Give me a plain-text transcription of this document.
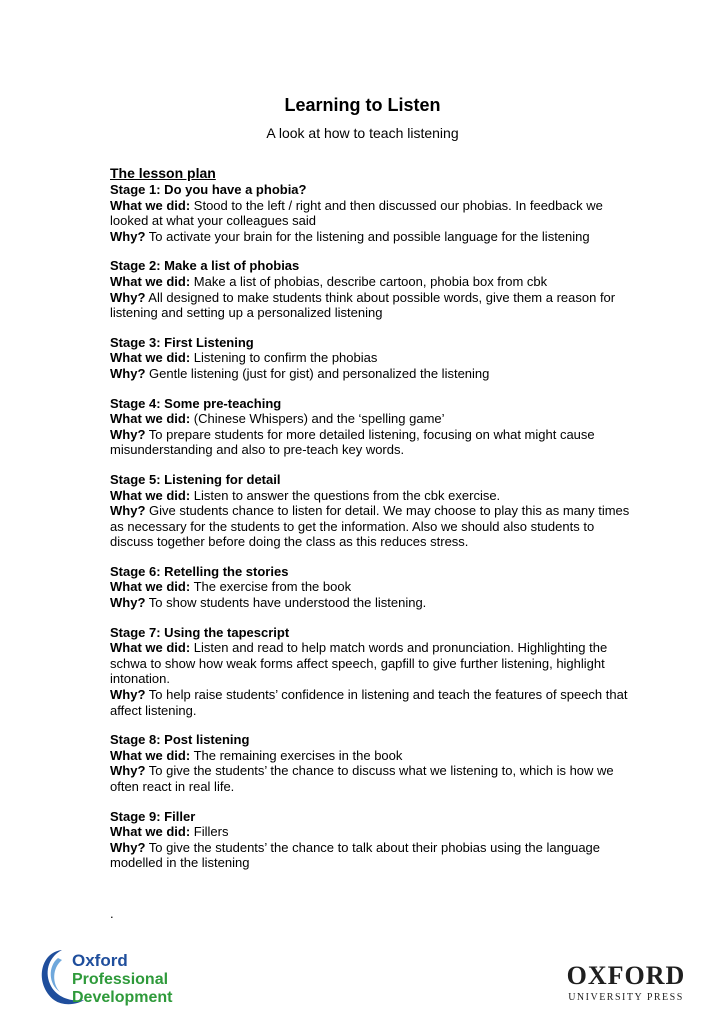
Learning to Listen
A look at how to teach listening
The lesson plan
Stage 1: Do you have a phobia?
What we did: Stood to the left / right and then discussed our phobias. In feedback we looked at what your colleagues said
Why? To activate your brain for the listening and possible language for the listening
Stage 2: Make a list of phobias
What we did: Make a list of phobias, describe cartoon, phobia box from cbk
Why? All designed to make students think about possible words, give them a reason for listening and setting up a personalized listening
Stage 3: First Listening
What we did: Listening to confirm the phobias
Why? Gentle listening (just for gist) and personalized the listening
Stage 4: Some pre-teaching
What we did: (Chinese Whispers) and the ‘spelling game’
Why? To prepare students for more detailed listening, focusing on what might cause misunderstanding and also to pre-teach key words.
Stage 5: Listening for detail
What we did: Listen to answer the questions from the cbk exercise.
Why? Give students chance to listen for detail. We may choose to play this as many times as necessary for the students to get the information. Also we should also students to discuss together before doing the class as this reduces stress.
Stage 6: Retelling the stories
What we did: The exercise from the book
Why? To show students have understood the listening.
Stage 7: Using the tapescript
What we did: Listen and read to help match words and pronunciation. Highlighting the schwa to show how weak forms affect speech, gapfill to give further listening, highlight intonation.
Why? To help raise students’ confidence in listening and teach the features of speech that affect listening.
Stage 8: Post listening
What we did: The remaining exercises in the book
Why? To give the students’ the chance to discuss what we listening to, which is how we often react in real life.
Stage 9: Filler
What we did: Fillers
Why? To give the students’ the chance to talk about their phobias using the language modelled in the listening
.
Oxford
Professional
Development
OXFORD
UNIVERSITY PRESS
